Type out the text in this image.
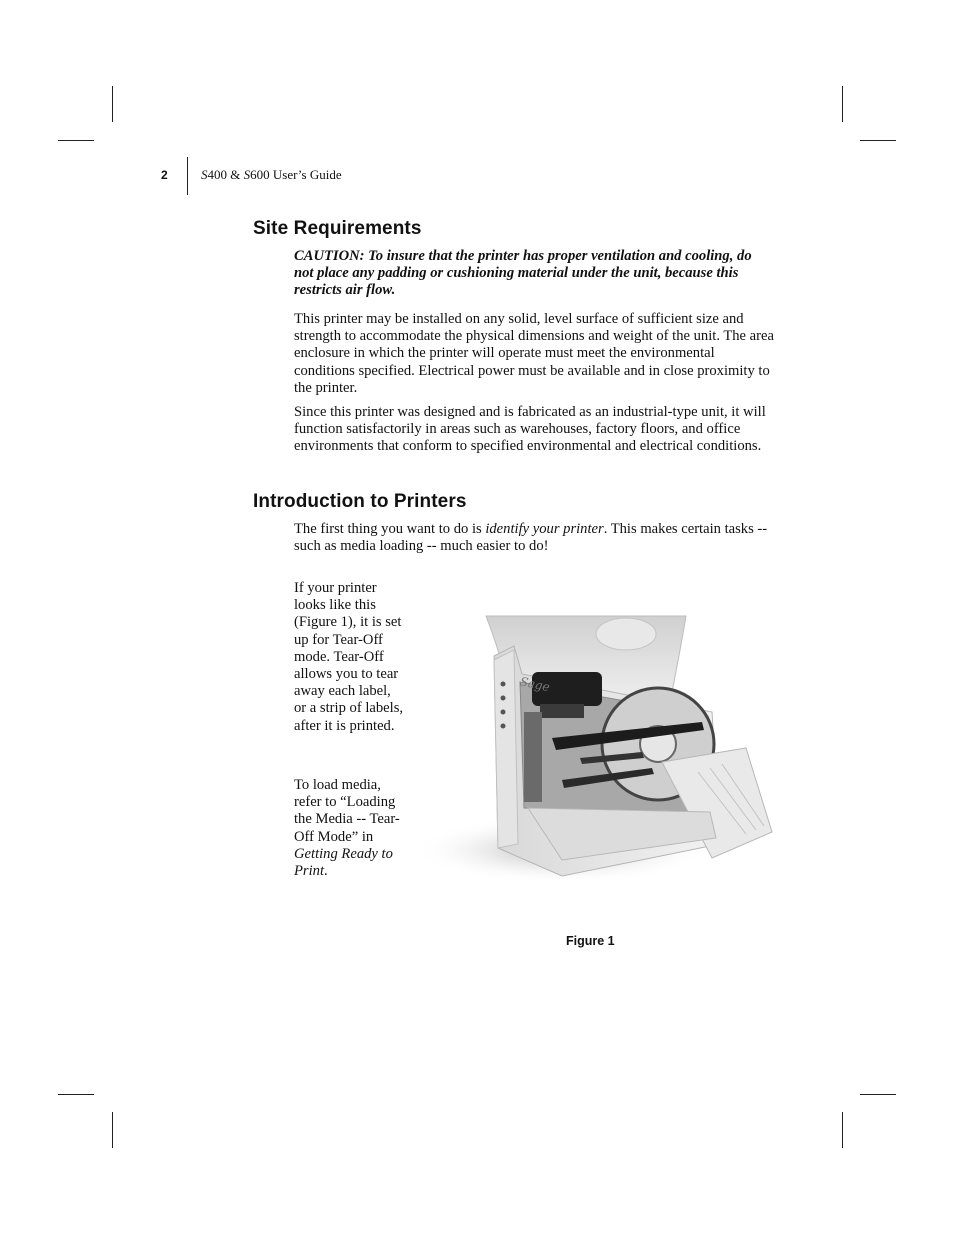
2	S400 & S600 User’s Guide
Site Requirements

CAUTION: To insure that the printer has proper ventilation and cooling, do not place any padding or cushioning material under the unit, because this restricts air flow.

This printer may be installed on any solid, level surface of sufficient size and strength to accommodate the physical dimensions and weight of the unit. The area enclosure in which the printer will operate must meet the environmental conditions specified. Electrical power must be available and in close proximity to the printer.

Since this printer was designed and is fabricated as an industrial-type unit, it will function satisfactorily in areas such as warehouses, factory floors, and office environments that conform to specified environmental and electrical conditions.

Introduction to Printers

The first thing you want to do is identify your printer. This makes certain tasks -- such as media loading -- much easier to do!

If your printer looks like this (Figure 1), it is set up for Tear-Off mode. Tear-Off allows you to tear away each label, or a strip of labels, after it is printed.

To load media, refer to “Loading the Media -- Tear-Off Mode” in Getting Ready to Print.

Sage
Figure 1
